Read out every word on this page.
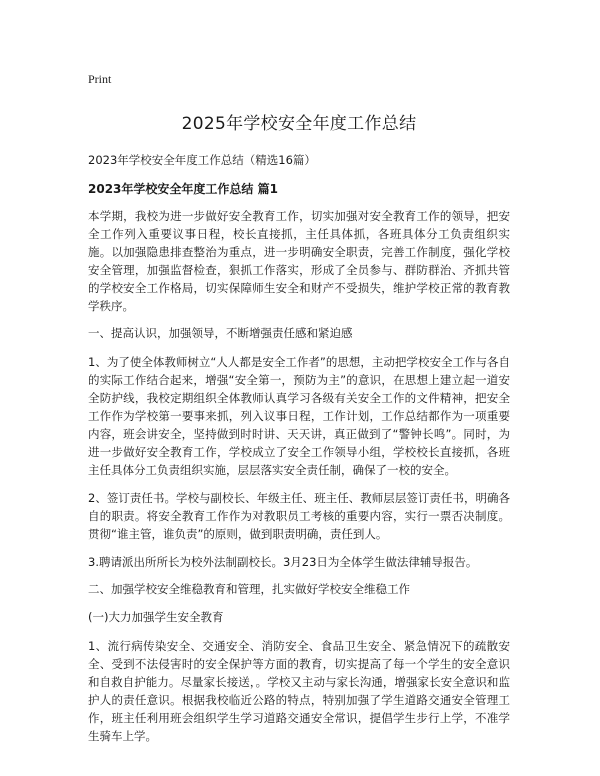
Print
2025年学校安全年度工作总结

2023年学校安全年度工作总结（精选16篇）

2023年学校安全年度工作总结 篇1

本学期，我校为进一步做好安全教育工作，切实加强对安全教育工作的领导，把安全工作列入重要议事日程，校长直接抓，主任具体抓，各班具体分工负责组织实施。以加强隐患排查整治为重点，进一步明确安全职责，完善工作制度，强化学校安全管理，加强监督检查，狠抓工作落实，形成了全员参与、群防群治、齐抓共管的学校安全工作格局，切实保障师生安全和财产不受损失，维护学校正常的教育教学秩序。

一、提高认识，加强领导，不断增强责任感和紧迫感

1、为了使全体教师树立“人人都是安全工作者”的思想，主动把学校安全工作与各自的实际工作结合起来，增强“安全第一，预防为主”的意识，在思想上建立起一道安全防护线，我校定期组织全体教师认真学习各级有关安全工作的文件精神，把安全工作作为学校第一要事来抓，列入议事日程，工作计划，工作总结都作为一项重要内容，班会讲安全，坚持做到时时讲、天天讲，真正做到了“警钟长鸣”。同时，为进一步做好安全教育工作，学校成立了安全工作领导小组，学校校长直接抓，各班主任具体分工负责组织实施，层层落实安全责任制，确保了一校的安全。

2、签订责任书。学校与副校长、年级主任、班主任、教师层层签订责任书，明确各自的职责。将安全教育工作作为对教职员工考核的重要内容，实行一票否决制度。贯彻“谁主管，谁负责”的原则，做到职责明确，责任到人。

3.聘请派出所所长为校外法制副校长。3月23日为全体学生做法律辅导报告。

二、加强学校安全维稳教育和管理，扎实做好学校安全维稳工作

(一)大力加强学生安全教育

1、流行病传染安全、交通安全、消防安全、食品卫生安全、紧急情况下的疏散安全、受到不法侵害时的安全保护等方面的教育，切实提高了每一个学生的安全意识和自救自护能力。尽量家长接送，。学校又主动与家长沟通，增强家长安全意识和监护人的责任意识。根据我校临近公路的特点，特别加强了学生道路交通安全管理工作，班主任利用班会组织学生学习道路交通安全常识，提倡学生步行上学，不准学生骑车上学。
